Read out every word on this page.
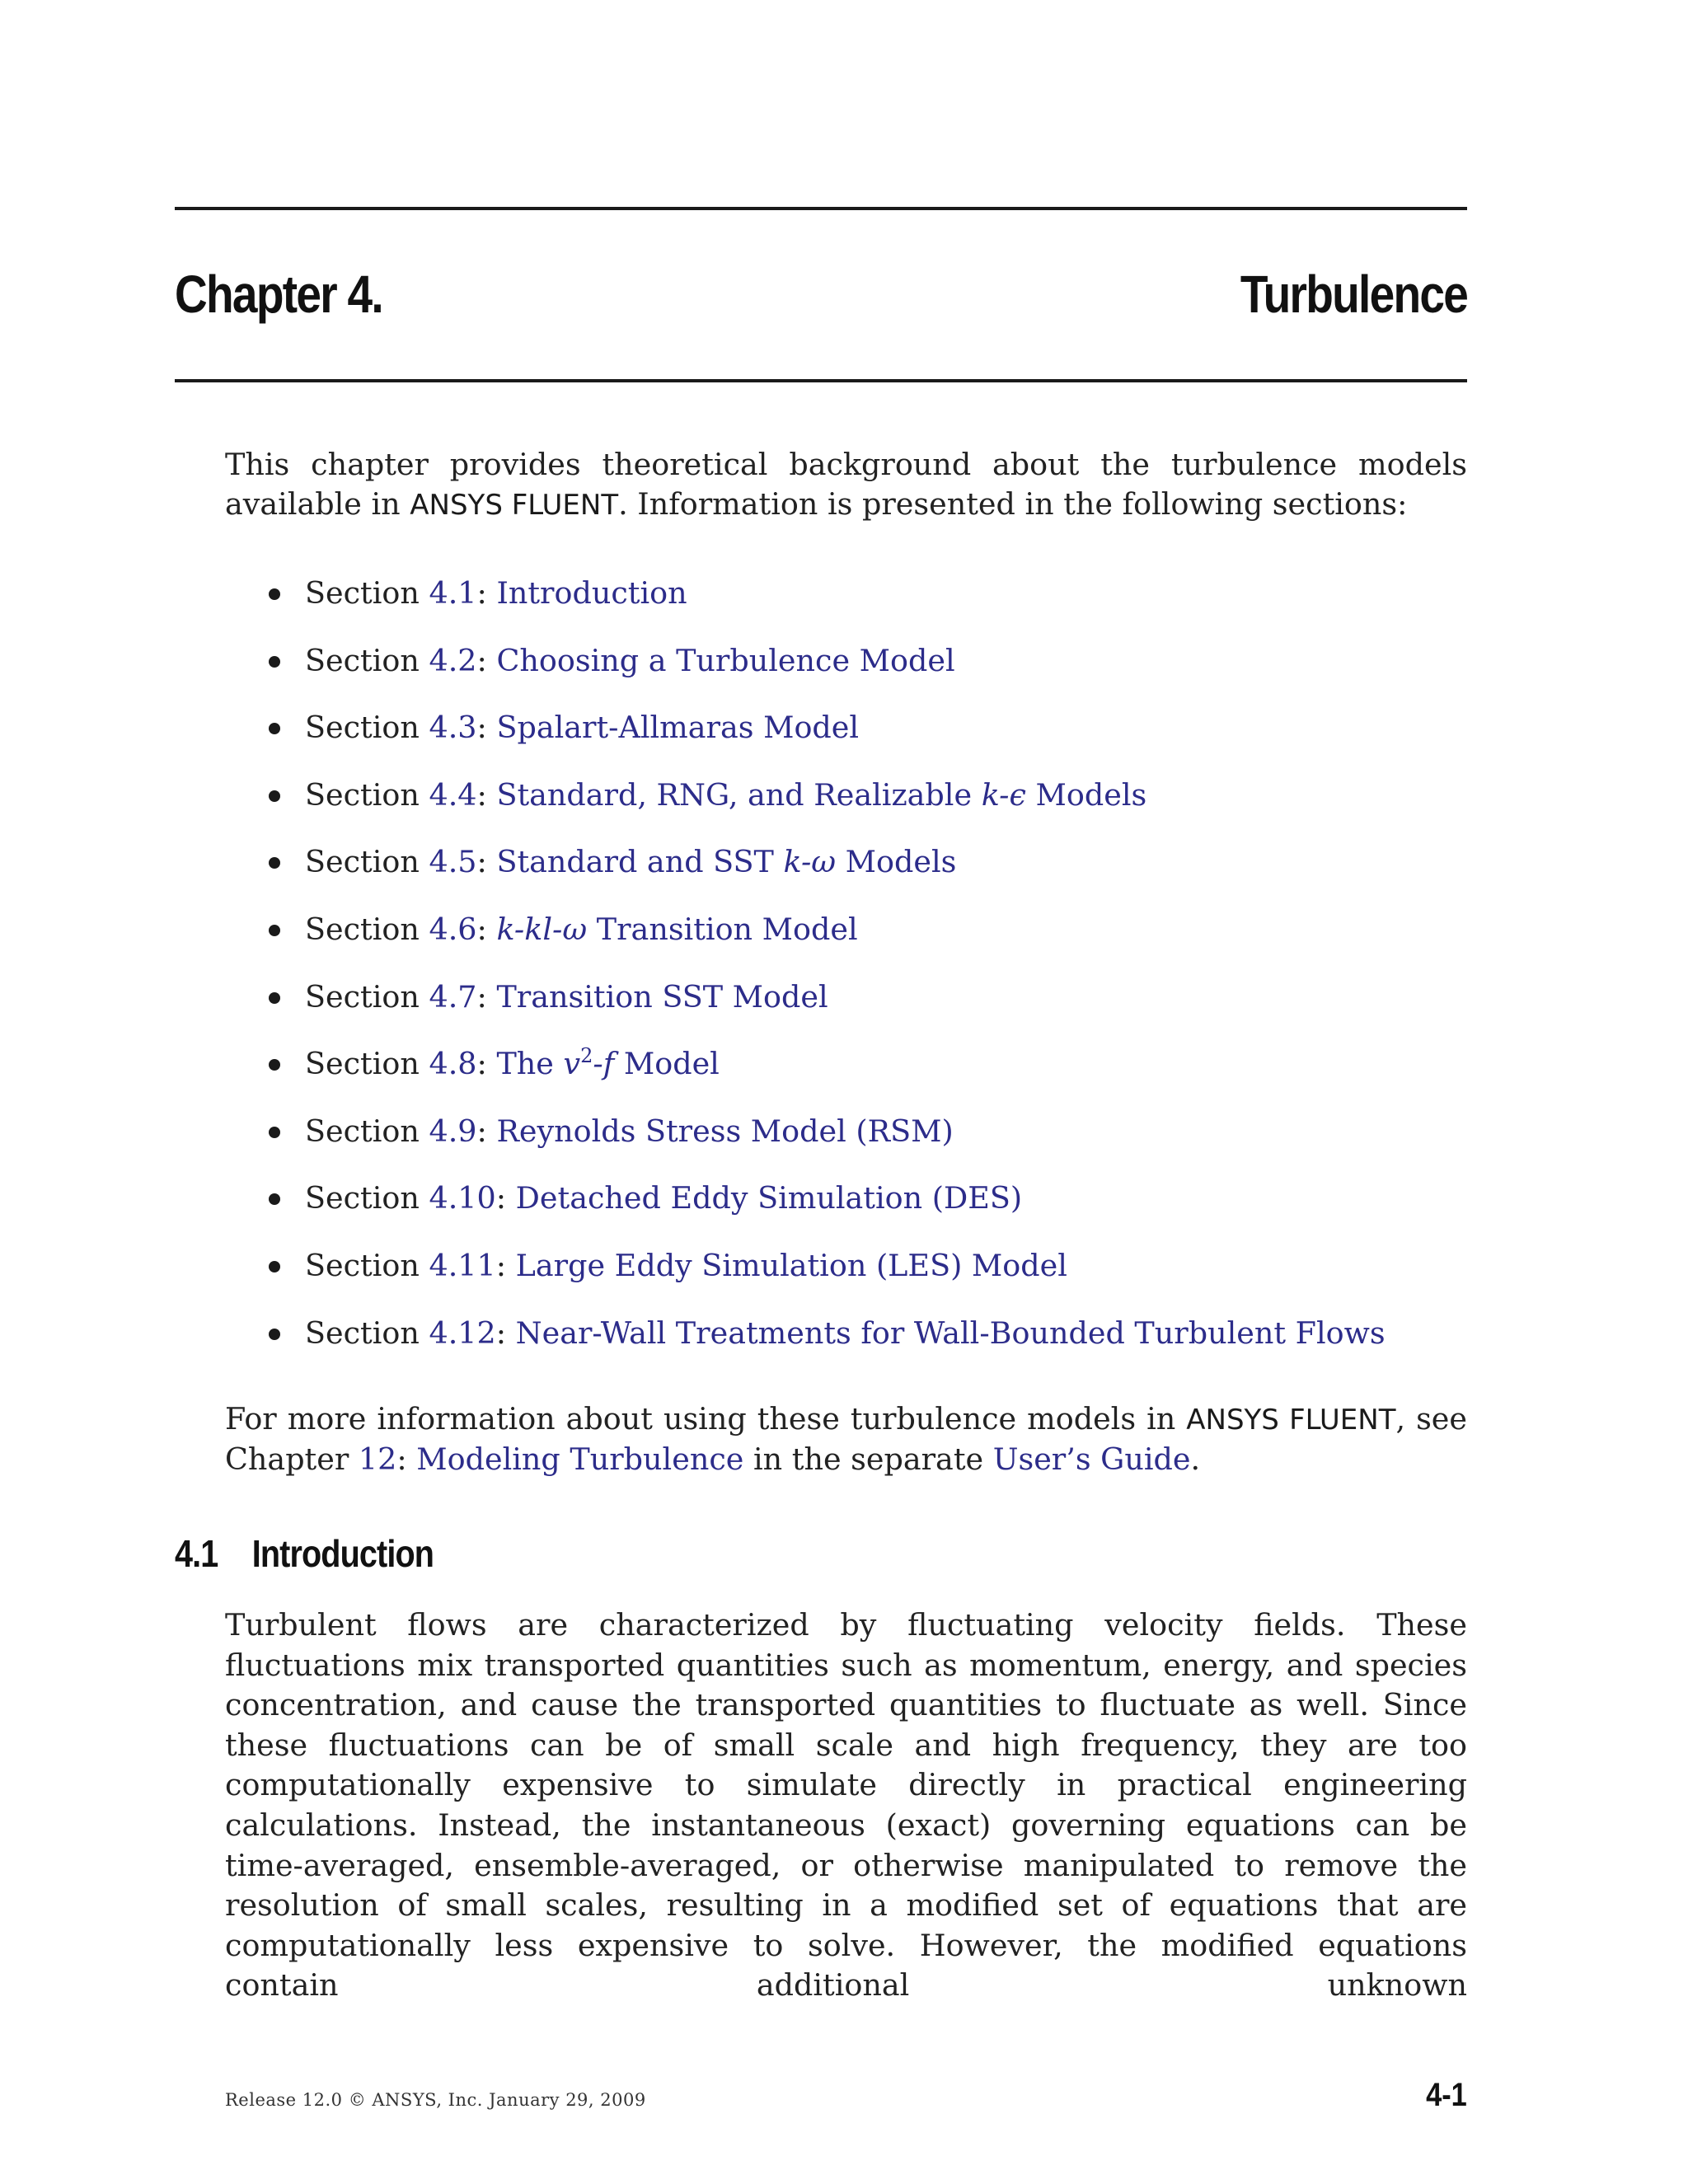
Chapter 4.	Turbulence

This chapter provides theoretical background about the turbulence models available in ANSYS FLUENT. Information is presented in the following sections:

Section 4.1: Introduction
Section 4.2: Choosing a Turbulence Model
Section 4.3: Spalart-Allmaras Model
Section 4.4: Standard, RNG, and Realizable k-ϵ Models
Section 4.5: Standard and SST k-ω Models
Section 4.6: k-kl-ω Transition Model
Section 4.7: Transition SST Model
Section 4.8: The $v^2-f$ Model
Section 4.9: Reynolds Stress Model (RSM)
Section 4.10: Detached Eddy Simulation (DES)
Section 4.11: Large Eddy Simulation (LES) Model
Section 4.12: Near-Wall Treatments for Wall-Bounded Turbulent Flows

For more information about using these turbulence models in ANSYS FLUENT, see Chapter 12: Modeling Turbulence in the separate User’s Guide.

4.1 Introduction

Turbulent flows are characterized by fluctuating velocity fields. These fluctuations mix transported quantities such as momentum, energy, and species concentration, and cause the transported quantities to fluctuate as well. Since these fluctuations can be of small scale and high frequency, they are too computationally expensive to simulate directly in practical engineering calculations. Instead, the instantaneous (exact) governing equations can be time-averaged, ensemble-averaged, or otherwise manipulated to remove the resolution of small scales, resulting in a modified set of equations that are computationally less expensive to solve. However, the modified equations contain additional unknown

Release 12.0 © ANSYS, Inc. January 29, 2009	4-1
